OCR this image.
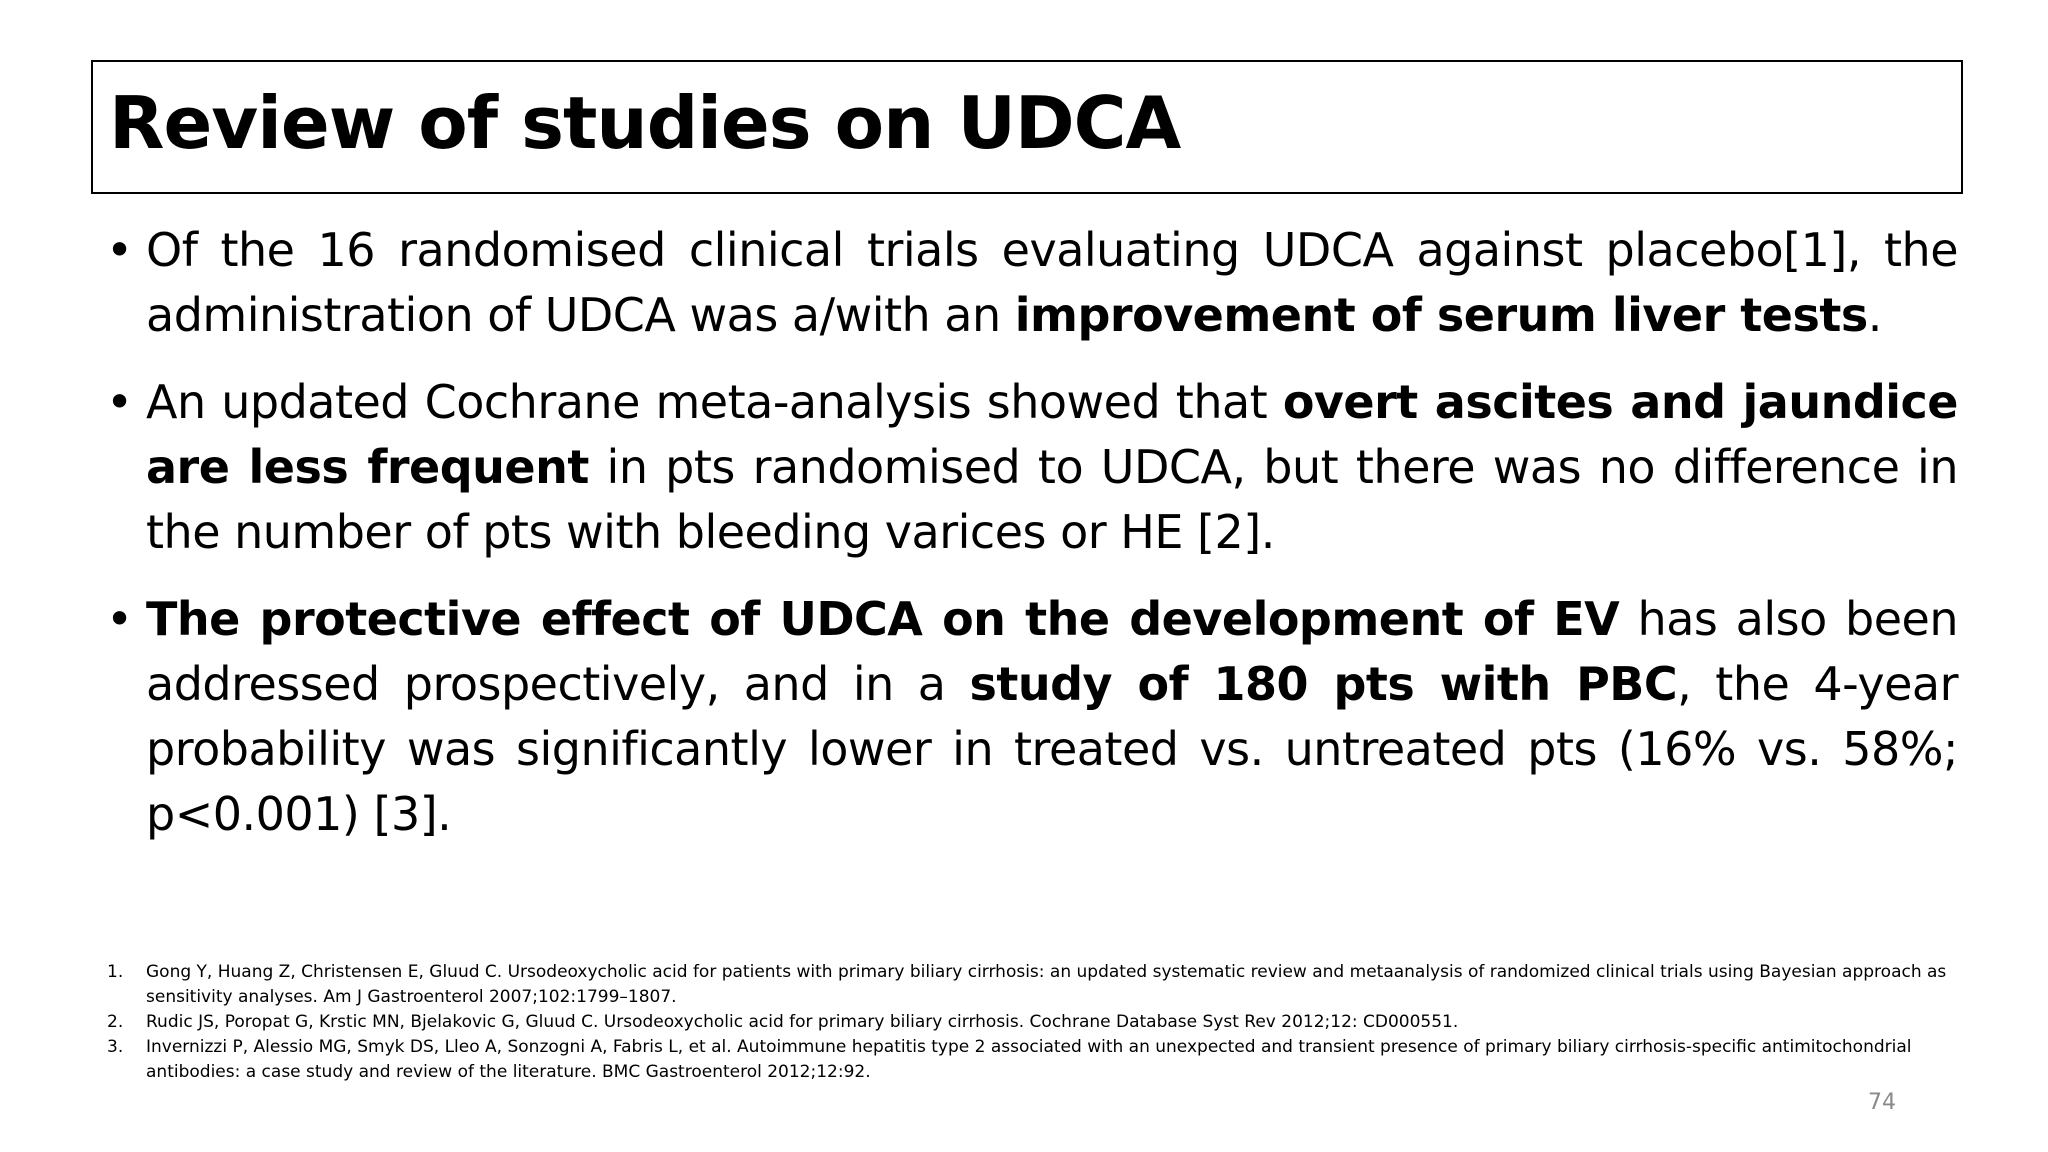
Review of studies on UDCA
• Of the 16 randomised clinical trials evaluating UDCA against placebo[1], the administration of UDCA was a/with an improvement of serum liver tests.
• An updated Cochrane meta-analysis showed that overt ascites and jaundice are less frequent in pts randomised to UDCA, but there was no difference in the number of pts with bleeding varices or HE [2].
• The protective effect of UDCA on the development of EV has also been addressed prospectively, and in a study of 180 pts with PBC, the 4-year probability was significantly lower in treated vs. untreated pts (16% vs. 58%; p<0.001) [3].
1. Gong Y, Huang Z, Christensen E, Gluud C. Ursodeoxycholic acid for patients with primary biliary cirrhosis: an updated systematic review and metaanalysis of randomized clinical trials using Bayesian approach as sensitivity analyses. Am J Gastroenterol 2007;102:1799–1807.
2. Rudic JS, Poropat G, Krstic MN, Bjelakovic G, Gluud C. Ursodeoxycholic acid for primary biliary cirrhosis. Cochrane Database Syst Rev 2012;12: CD000551.
3. Invernizzi P, Alessio MG, Smyk DS, Lleo A, Sonzogni A, Fabris L, et al. Autoimmune hepatitis type 2 associated with an unexpected and transient presence of primary biliary cirrhosis-specific antimitochondrial antibodies: a case study and review of the literature. BMC Gastroenterol 2012;12:92.
74
